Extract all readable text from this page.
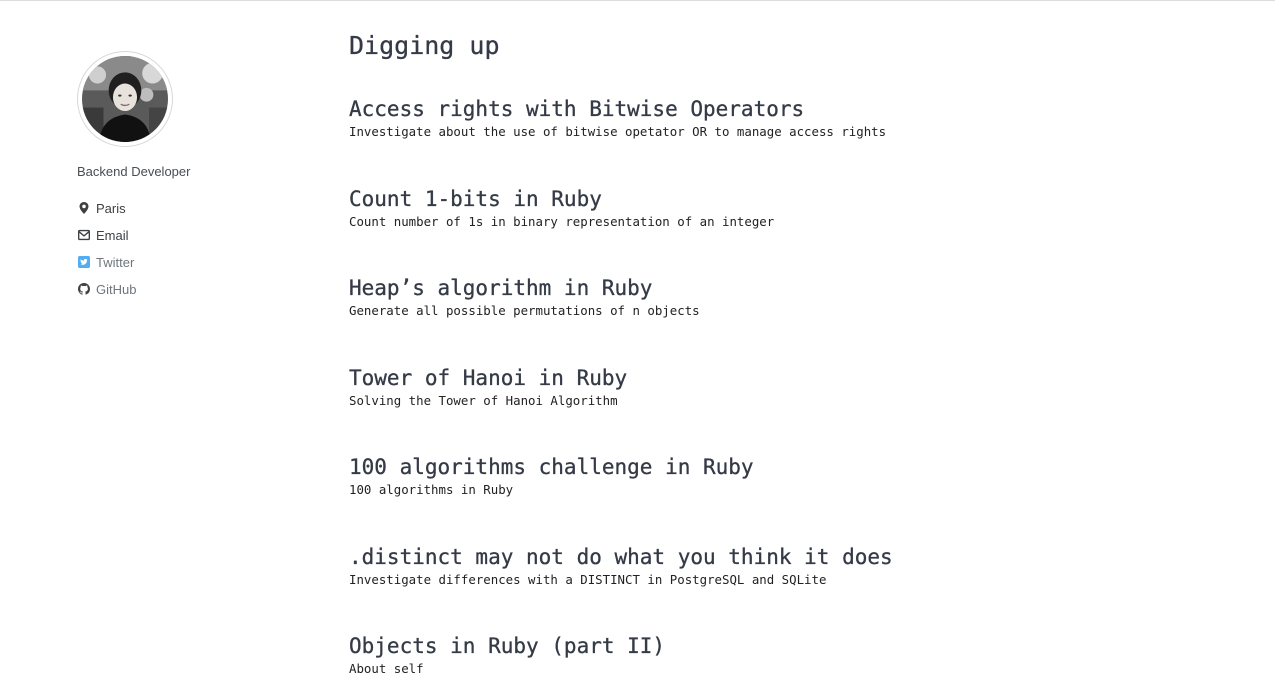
Backend Developer
Paris
Email
Twitter
GitHub
Digging up
Access rights with Bitwise Operators

Investigate about the use of bitwise opetator OR to manage access rights

Count 1-bits in Ruby

Count number of 1s in binary representation of an integer

Heap’s algorithm in Ruby

Generate all possible permutations of n objects

Tower of Hanoi in Ruby

Solving the Tower of Hanoi Algorithm

100 algorithms challenge in Ruby

100 algorithms in Ruby

.distinct may not do what you think it does

Investigate differences with a DISTINCT in PostgreSQL and SQLite

Objects in Ruby (part II)

About self
